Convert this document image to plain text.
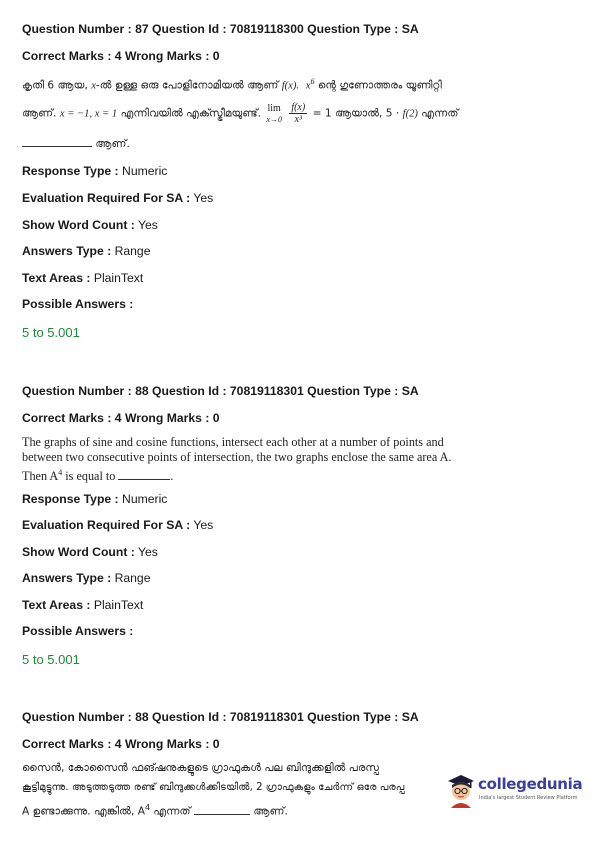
Question Number : 87 Question Id : 70819118300 Question Type : SA
Correct Marks : 4 Wrong Marks : 0
കൃതി 6 ആയ, x-ൽ ഉള്ള ഒരു പോളിനോമിയൽ ആണ് f(x). $x^6$ ന്റെ ഗുണോത്തരം യൂണിറ്റി
ആണ്. x = −1, x = 1 എന്നിവയിൽ എക്സ്ട്രീമയുണ്ട്. lim
x→0
$\frac{f(x)}{\text{x³}} = 1$ ആയാൽ, 5 · f(2) എന്നത്
ആണ്.
Response Type : Numeric
Evaluation Required For SA : Yes
Show Word Count : Yes
Answers Type : Range
Text Areas : PlainText
Possible Answers :
5 to 5.001
Question Number : 88 Question Id : 70819118301 Question Type : SA
Correct Marks : 4 Wrong Marks : 0
The graphs of sine and cosine functions, intersect each other at a number of points and
between two consecutive points of intersection, the two graphs enclose the same area A.
Then $A^4$ is equal to	.
Response Type : Numeric
Evaluation Required For SA : Yes
Show Word Count : Yes
Answers Type : Range
Text Areas : PlainText
Possible Answers :
5 to 5.001
Question Number : 88 Question Id : 70819118301 Question Type : SA
Correct Marks : 4 Wrong Marks : 0
സൈൻ, കോസൈൻ ഫങ്ഷനുകളുടെ ഗ്രാഫുകൾ പല ബിന്ദുക്കളിൽ പരസ്പ
കൂട്ടിമുട്ടുന്നു. അടുത്തടുത്ത രണ്ട് ബിന്ദുക്കൾക്കിടയിൽ, 2 ഗ്രാഫുകളും ചേർന്ന് ഒരേ പരപ്പ
A ഉണ്ടാക്കുന്നു. എങ്കിൽ, $A^4$ എന്നത്	ആണ്.
collegedunia
India's largest Student Review Platform
